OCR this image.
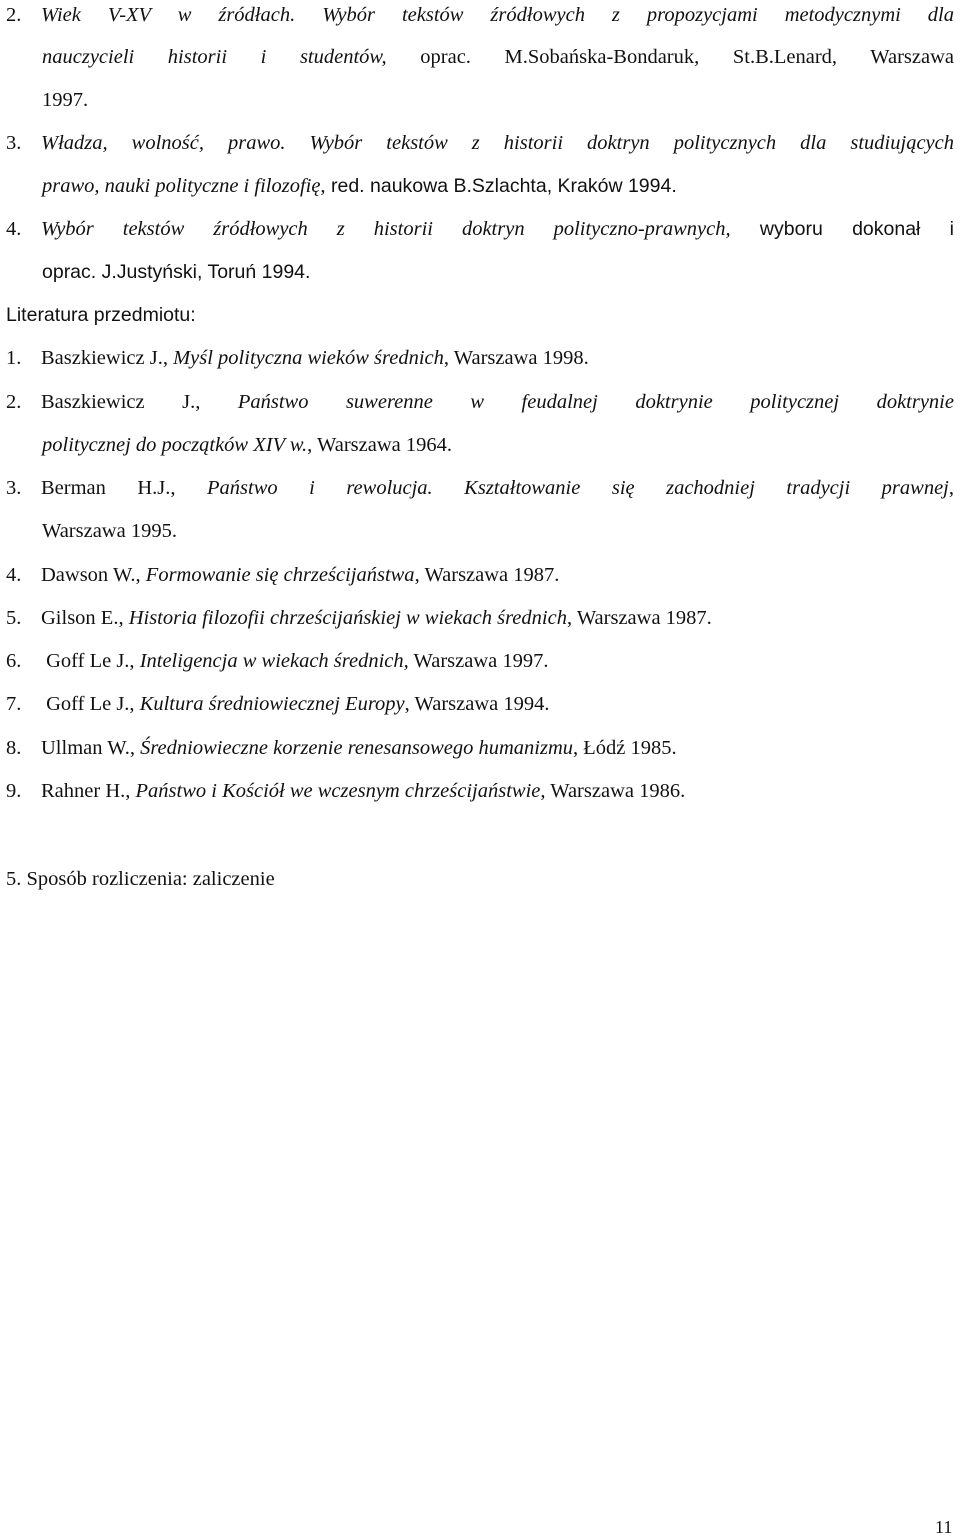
2. Wiek V-XV w źródłach. Wybór tekstów źródłowych z propozycjami metodycznymi dla

nauczycieli historii i studentów, oprac. M.Sobańska-Bondaruk, St.B.Lenard, Warszawa

1997.

3. Władza, wolność, prawo. Wybór tekstów z historii doktryn politycznych dla studiujących

prawo, nauki polityczne i filozofię, red. naukowa B.Szlachta, Kraków 1994.

4. Wybór tekstów źródłowych z historii doktryn polityczno-prawnych, wyboru dokonał i

oprac. J.Justyński, Toruń 1994.

Literatura przedmiotu:

1. Baszkiewicz J., Myśl polityczna wieków średnich, Warszawa 1998.

2. Baszkiewicz J., Państwo suwerenne w feudalnej doktrynie politycznej doktrynie

politycznej do początków XIV w., Warszawa 1964.

3. Berman H.J., Państwo i rewolucja. Kształtowanie się zachodniej tradycji prawnej,

Warszawa 1995.

4. Dawson W., Formowanie się chrześcijaństwa, Warszawa 1987.

5. Gilson E., Historia filozofii chrześcijańskiej w wiekach średnich, Warszawa 1987.

6. Goff Le J., Inteligencja w wiekach średnich, Warszawa 1997.

7. Goff Le J., Kultura średniowiecznej Europy, Warszawa 1994.

8. Ullman W., Średniowieczne korzenie renesansowego humanizmu, Łódź 1985.

9. Rahner H., Państwo i Kościół we wczesnym chrześcijaństwie, Warszawa 1986.

5. Sposób rozliczenia: zaliczenie

11
